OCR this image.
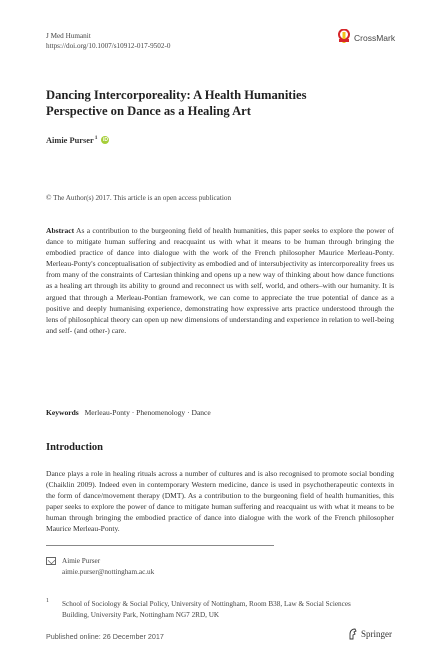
J Med Humanit
https://doi.org/10.1007/s10912-017-9502-0
CrossMark
Dancing Intercorporeality: A Health Humanities
Perspective on Dance as a Healing Art
Aimie Purser$^1$	iD
© The Author(s) 2017. This article is an open access publication
Abstract As a contribution to the burgeoning field of health humanities, this paper seeks to explore the power of dance to mitigate human suffering and reacquaint us with what it means to be human through bringing the embodied practice of dance into dialogue with the work of the French philosopher Maurice Merleau-Ponty. Merleau-Ponty's conceptualisation of subjectivity as embodied and of intersubjectivity as intercorporeality frees us from many of the constraints of Cartesian thinking and opens up a new way of thinking about how dance functions as a healing art through its ability to ground and reconnect us with self, world, and others–with our humanity. It is argued that through a Merleau-Pontian framework, we can come to appreciate the true potential of dance as a positive and deeply humanising experience, demonstrating how expressive arts practice understood through the lens of philosophical theory can open up new dimensions of understanding and experience in relation to well-being and self- (and other-) care.
Keywords Merleau-Ponty · Phenomenology · Dance
Introduction
Dance plays a role in healing rituals across a number of cultures and is also recognised to promote social bonding (Chaiklin 2009). Indeed even in contemporary Western medicine, dance is used in psychotherapeutic contexts in the form of dance/movement therapy (DMT). As a contribution to the burgeoning field of health humanities, this paper seeks to explore the power of dance to mitigate human suffering and reacquaint us with what it means to be human through bringing the embodied practice of dance into dialogue with the work of the French philosopher Maurice Merleau-Ponty.
Aimie Purser
aimie.purser@nottingham.ac.uk
1 School of Sociology & Social Policy, University of Nottingham, Room B38, Law & Social Sciences
Building, University Park, Nottingham NG7 2RD, UK
Published online: 26 December 2017	Springer
